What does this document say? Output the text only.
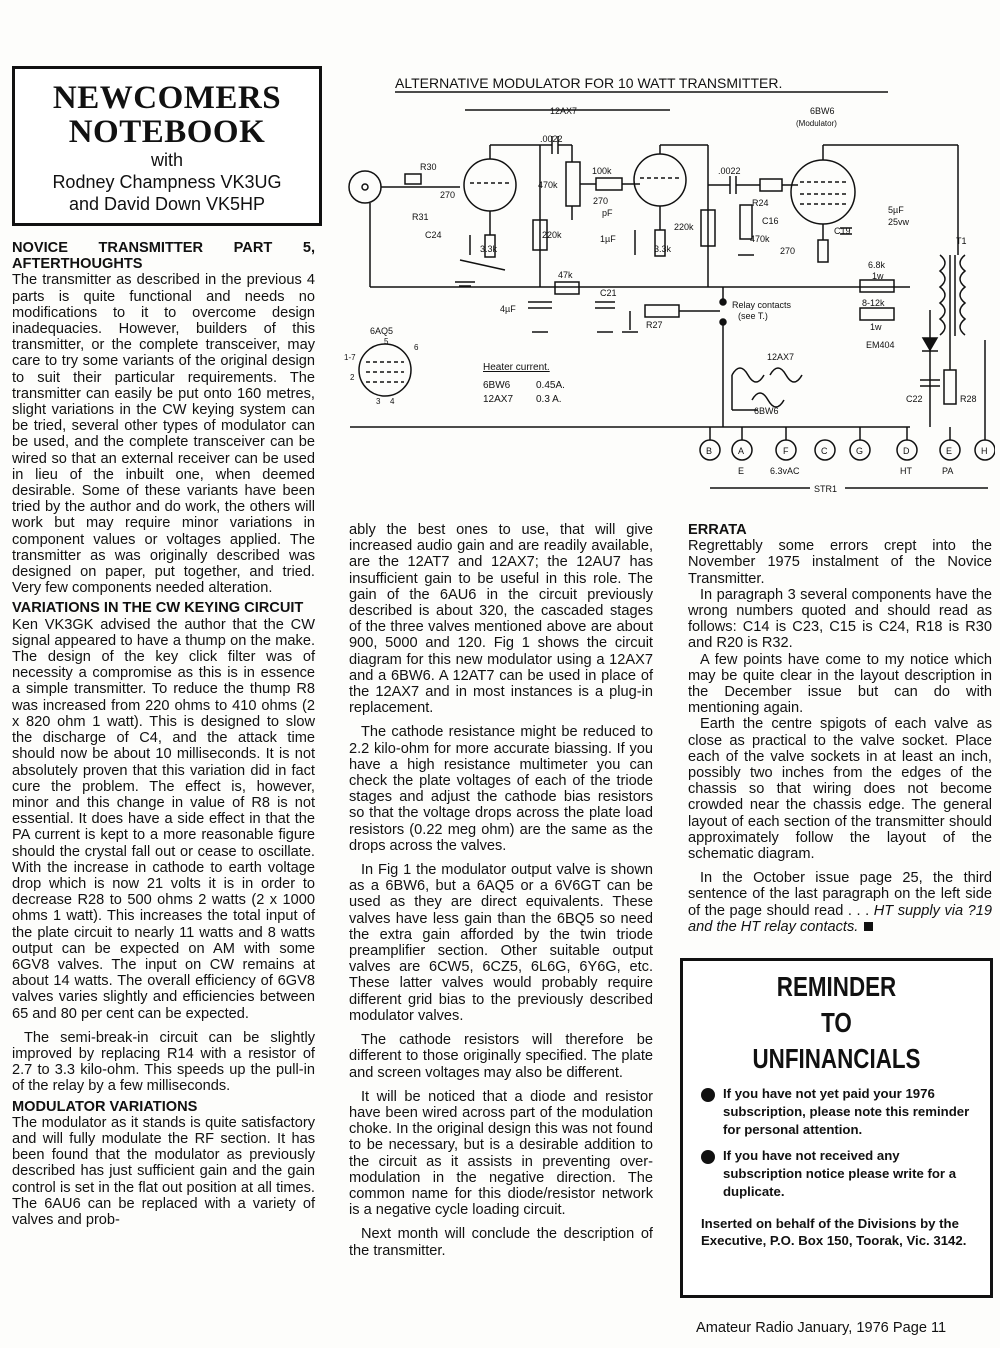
NEWCOMERS
NOTEBOOK
with
Rodney Champness VK3UG
and David Down VK5HP
ALTERNATIVE MODULATOR FOR 10 WATT TRANSMITTER.
12AX7	6BW6
(Modulator)
.0022
.0022
R30
R31
C24
270
270
270
pF
470k
470k
100k
220k
220k
3.3k	3.3k
1µF
47k
4µF
C21
R27
R24
C16
C19
5µF
25vw
6.8k
1w
8-12k
1w
T1
Relay contacts
(see T.)
EM404
C22	R28
Heater current.
6BW6	0.45A.
12AX7 0.3 A.
6AQ5
1-7
2
3 4
5
6
12AX7
6BW6
B	A	F	C	G	D	E	H
E	6.3vAC	HT	PA
STR1
NOVICE TRANSMITTER PART 5, AFTERTHOUGHTS

The transmitter as described in the previous 4 parts is quite functional and needs no modifications to it to overcome design inadequacies. However, builders of this transmitter, or the complete transceiver, may care to try some variants of the original design to suit their particular requirements. The transmitter can easily be put onto 160 metres, slight variations in the CW keying system can be tried, several other types of modulator can be used, and the complete transceiver can be wired so that an external receiver can be used in lieu of the inbuilt one, when deemed desirable. Some of these variants have been tried by the author and do work, the others will work but may require minor variations in component values or voltages applied. The transmitter as was originally described was designed on paper, put together, and tried. Very few components needed alteration.

VARIATIONS IN THE CW KEYING CIRCUIT

Ken VK3GK advised the author that the CW signal appeared to have a thump on the make. The design of the key click filter was of necessity a compromise as this is in essence a simple transmitter. To reduce the thump R8 was increased from 220 ohms to 410 ohms (2 x 820 ohm 1 watt). This is designed to slow the discharge of C4, and the attack time should now be about 10 milliseconds. It is not absolutely proven that this variation did in fact cure the problem. The effect is, however, minor and this change in value of R8 is not essential. It does have a side effect in that the PA current is kept to a more reasonable figure should the crystal fall out or cease to oscillate. With the increase in cathode to earth voltage drop which is now 21 volts it is in order to decrease R28 to 500 ohms 2 watts (2 x 1000 ohms 1 watt). This increases the total input of the plate circuit to nearly 11 watts and 8 watts output can be expected on AM with some 6GV8 valves. The input on CW remains at about 14 watts. The overall efficiency of 6GV8 valves varies slightly and efficiencies between 65 and 80 per cent can be expected.

The semi-break-in circuit can be slightly improved by replacing R14 with a resistor of 2.7 to 3.3 kilo-ohm. This speeds up the pull-in of the relay by a few milliseconds.

MODULATOR VARIATIONS

The modulator as it stands is quite satisfactory and will fully modulate the RF section. It has been found that the modulator as previously described has just sufficient gain and the gain control is set in the flat out position at all times. The 6AU6 can be replaced with a variety of valves and prob-

ably the best ones to use, that will give increased audio gain and are readily available, are the 12AT7 and 12AX7; the 12AU7 has insufficient gain to be useful in this role. The gain of the 6AU6 in the circuit previously described is about 320, the cascaded stages of the three valves mentioned above are about 900, 5000 and 120. Fig 1 shows the circuit diagram for this new modulator using a 12AX7 and a 6BW6. A 12AT7 can be used in place of the 12AX7 and in most instances is a plug-in replacement.

The cathode resistance might be reduced to 2.2 kilo-ohm for more accurate biassing. If you have a high resistance multimeter you can check the plate voltages of each of the triode stages and adjust the cathode bias resistors so that the voltage drops across the plate load resistors (0.22 meg ohm) are the same as the drops across the valves.

In Fig 1 the modulator output valve is shown as a 6BW6, but a 6AQ5 or a 6V6GT can be used as they are direct equivalents. These valves have less gain than the 6BQ5 so need the extra gain afforded by the twin triode preamplifier section. Other suitable output valves are 6CW5, 6CZ5, 6L6G, 6Y6G, etc. These latter valves would probably require different grid bias to the previously described modulator valves.

The cathode resistors will therefore be different to those originally specified. The plate and screen voltages may also be different.

It will be noticed that a diode and resistor have been wired across part of the modulation choke. In the original design this was not found to be necessary, but is a desirable addition to the circuit as it assists in preventing over-modulation in the negative direction. The common name for this diode/resistor network is a negative cycle loading circuit.

Next month will conclude the description of the transmitter.

ERRATA

Regrettably some errors crept into the November 1975 instalment of the Novice Transmitter.

In paragraph 3 several components have the wrong numbers quoted and should read as follows: C14 is C23, C15 is C24, R18 is R30 and R20 is R32.

A few points have come to my notice which may be quite clear in the layout description in the December issue but can do with mentioning again.

Earth the centre spigots of each valve as close as practical to the valve socket. Place each of the valve sockets in at least an inch, possibly two inches from the edges of the chassis so that wiring does not become crowded near the chassis edge. The general layout of each section of the transmitter should approximately follow the layout of the schematic diagram.

In the October issue page 25, the third sentence of the last paragraph on the left side of the page should read . . . HT supply via ?19 and the HT relay contacts.

REMINDER
TO
UNFINANCIALS
If you have not yet paid your 1976 subscription, please note this reminder for personal attention.
If you have not received any subscription notice please write for a duplicate.
Inserted on behalf of the Divisions by the Executive, P.O. Box 150, Toorak, Vic. 3142.
Amateur Radio January, 1976 Page 11
